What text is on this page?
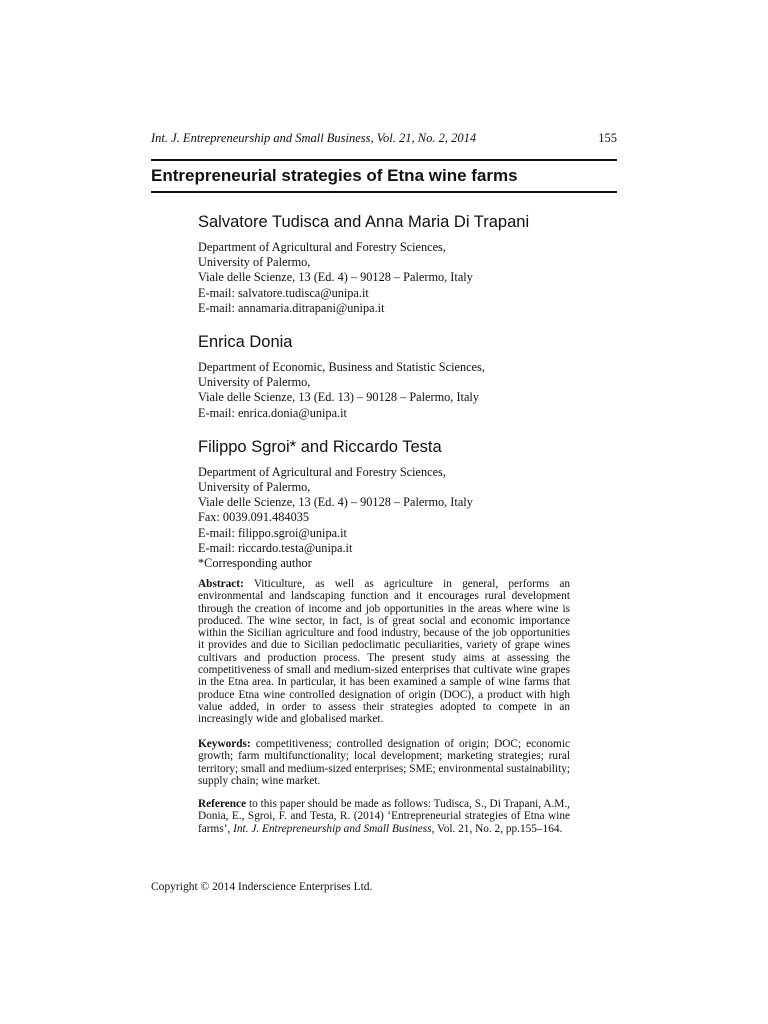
Int. J. Entrepreneurship and Small Business, Vol. 21, No. 2, 2014	155
Entrepreneurial strategies of Etna wine farms
Salvatore Tudisca and Anna Maria Di Trapani
Department of Agricultural and Forestry Sciences,
University of Palermo,
Viale delle Scienze, 13 (Ed. 4) – 90128 – Palermo, Italy
E-mail: salvatore.tudisca@unipa.it
E-mail: annamaria.ditrapani@unipa.it
Enrica Donia
Department of Economic, Business and Statistic Sciences,
University of Palermo,
Viale delle Scienze, 13 (Ed. 13) – 90128 – Palermo, Italy
E-mail: enrica.donia@unipa.it
Filippo Sgroi* and Riccardo Testa
Department of Agricultural and Forestry Sciences,
University of Palermo,
Viale delle Scienze, 13 (Ed. 4) – 90128 – Palermo, Italy
Fax: 0039.091.484035
E-mail: filippo.sgroi@unipa.it
E-mail: riccardo.testa@unipa.it
*Corresponding author
Abstract: Viticulture, as well as agriculture in general, performs an environmental and landscaping function and it encourages rural development through the creation of income and job opportunities in the areas where wine is produced. The wine sector, in fact, is of great social and economic importance within the Sicilian agriculture and food industry, because of the job opportunities it provides and due to Sicilian pedoclimatic peculiarities, variety of grape wines cultivars and production process. The present study aims at assessing the competitiveness of small and medium-sized enterprises that cultivate wine grapes in the Etna area. In particular, it has been examined a sample of wine farms that produce Etna wine controlled designation of origin (DOC), a product with high value added, in order to assess their strategies adopted to compete in an increasingly wide and globalised market.
Keywords: competitiveness; controlled designation of origin; DOC; economic growth; farm multifunctionality; local development; marketing strategies; rural territory; small and medium-sized enterprises; SME; environmental sustainability; supply chain; wine market.
Reference to this paper should be made as follows: Tudisca, S., Di Trapani, A.M., Donia, E., Sgroi, F. and Testa, R. (2014) ‘Entrepreneurial strategies of Etna wine farms’, Int. J. Entrepreneurship and Small Business, Vol. 21, No. 2, pp.155–164.
Copyright © 2014 Inderscience Enterprises Ltd.
